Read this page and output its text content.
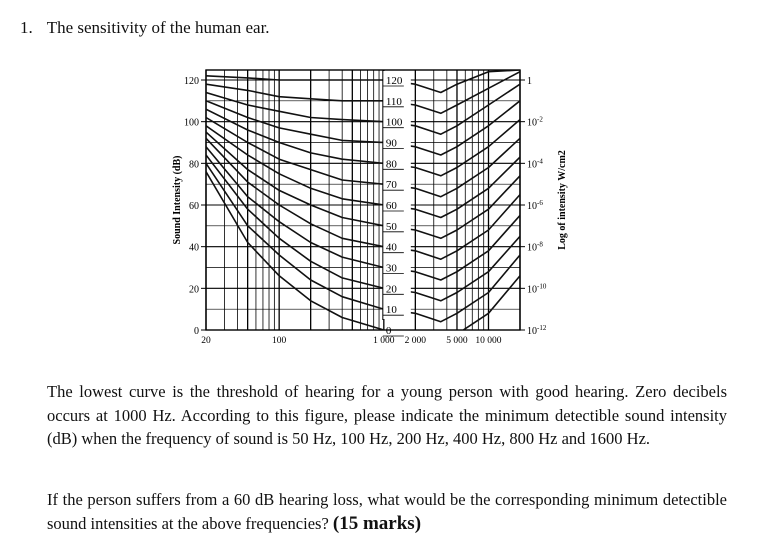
1. The sensitivity of the human ear.
0
10
20
30
40
50
60
70
80
90
100
110
120
0
20
40
60
80
100
120
Sound Intensity (dB)
$10^{-12}$
$10^{-10}$
$10^{-8}$
$10^{-6}$
$10^{-4}$
$10^{-2}$
1
Log of intensity W/cm2
20	100	1 000 2 000 5 000 10 000
The lowest curve is the threshold of hearing for a young person with good hearing. Zero decibels occurs at 1000 Hz. According to this figure, please indicate the minimum detectible sound intensity (dB) when the frequency of sound is 50 Hz, 100 Hz, 200 Hz, 400 Hz, 800 Hz and 1600 Hz.
If the person suffers from a 60 dB hearing loss, what would be the corresponding minimum detectible sound intensities at the above frequencies? (15 marks)
